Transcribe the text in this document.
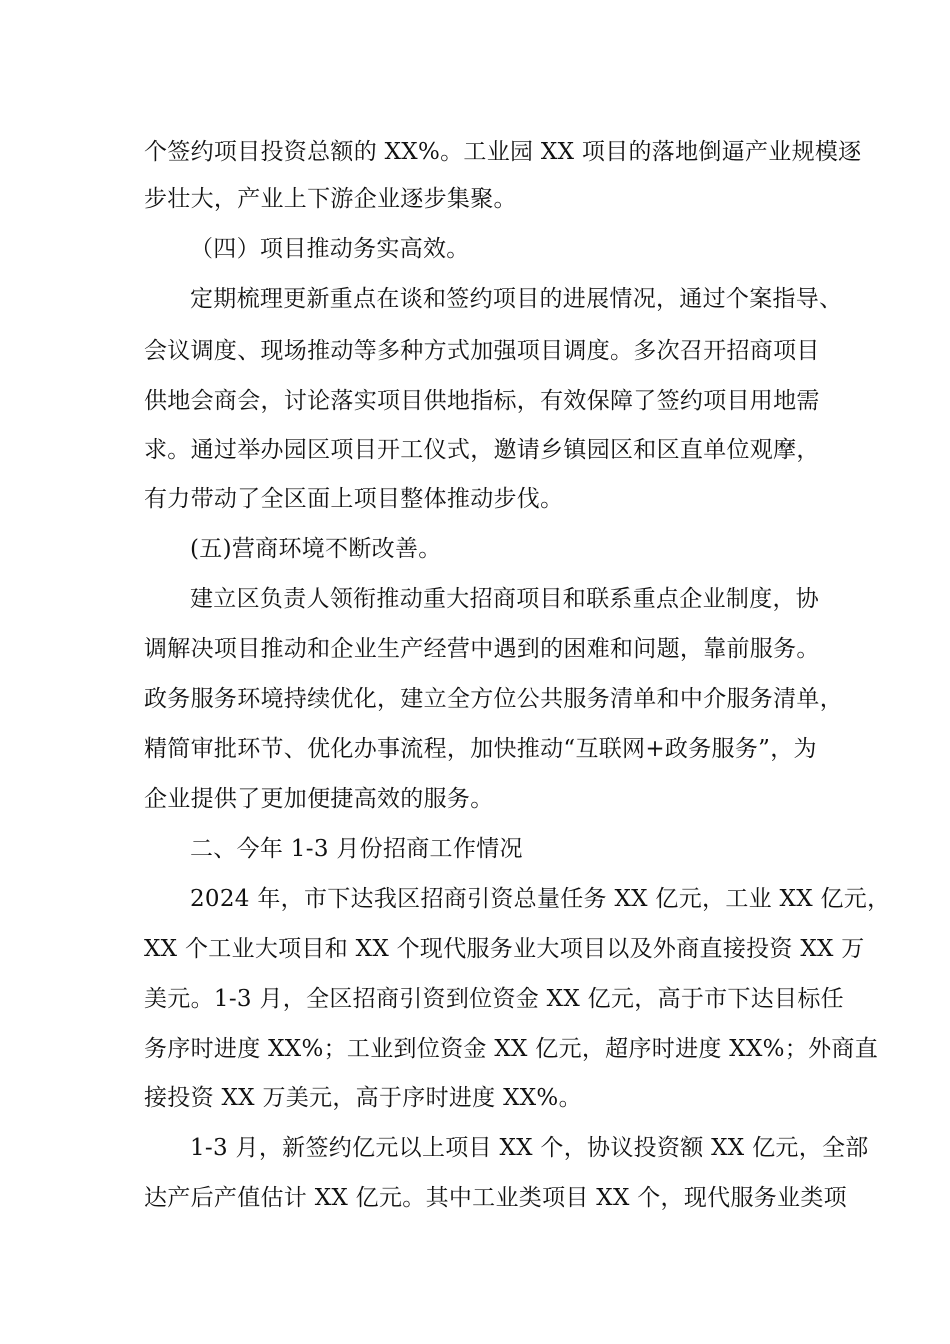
个签约项目投资总额的 XX%。工业园 XX 项目的落地倒逼产业规模逐
步壮大，产业上下游企业逐步集聚。
（四）项目推动务实高效。
定期梳理更新重点在谈和签约项目的进展情况，通过个案指导、
会议调度、现场推动等多种方式加强项目调度。多次召开招商项目
供地会商会，讨论落实项目供地指标，有效保障了签约项目用地需
求。通过举办园区项目开工仪式，邀请乡镇园区和区直单位观摩，
有力带动了全区面上项目整体推动步伐。
(五)营商环境不断改善。
建立区负责人领衔推动重大招商项目和联系重点企业制度，协
调解决项目推动和企业生产经营中遇到的困难和问题，靠前服务。
政务服务环境持续优化，建立全方位公共服务清单和中介服务清单，
精简审批环节、优化办事流程，加快推动“互联网+政务服务”，为
企业提供了更加便捷高效的服务。
二、今年 1-3 月份招商工作情况
2024 年，市下达我区招商引资总量任务 XX 亿元，工业 XX 亿元，
XX 个工业大项目和 XX 个现代服务业大项目以及外商直接投资 XX 万
美元。1-3 月，全区招商引资到位资金 XX 亿元，高于市下达目标任
务序时进度 XX%；工业到位资金 XX 亿元，超序时进度 XX%；外商直
接投资 XX 万美元，高于序时进度 XX%。
1-3 月，新签约亿元以上项目 XX 个，协议投资额 XX 亿元，全部
达产后产值估计 XX 亿元。其中工业类项目 XX 个，现代服务业类项
